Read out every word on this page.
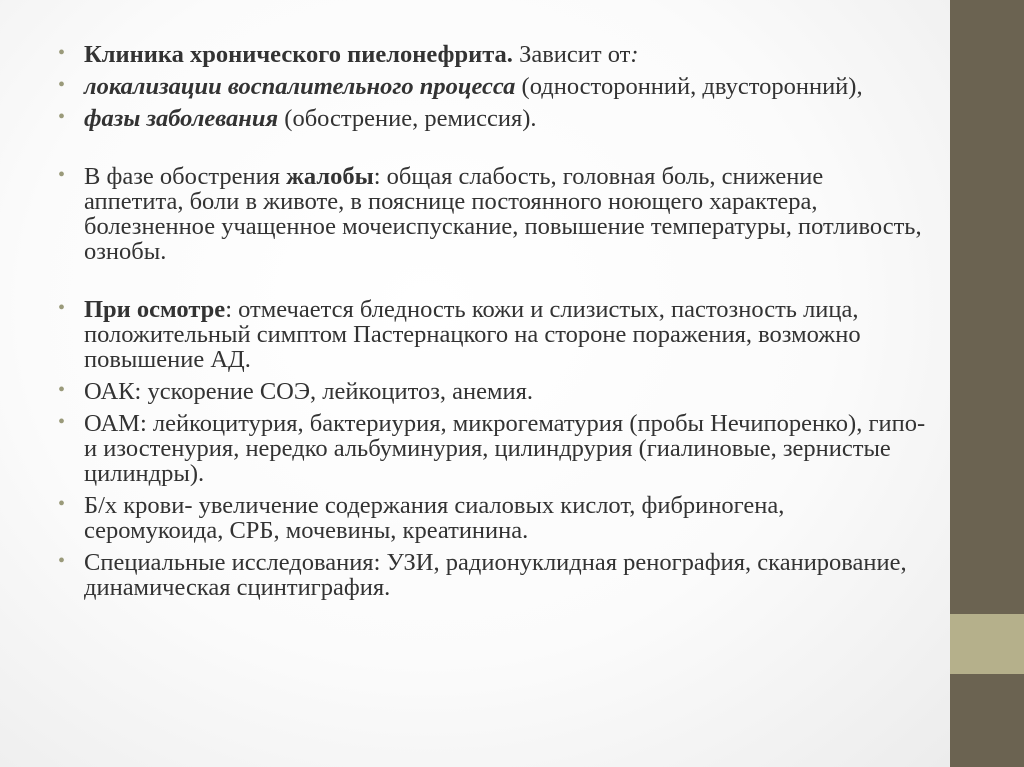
• Клиника хронического пиелонефрита. Зависит от:
• локализации воспалительного процесса (односторонний, двусторонний),
• фазы заболевания (обострение, ремиссия).
• В фазе обострения жалобы: общая слабость, головная боль, снижение аппетита, боли в животе, в пояснице постоянного ноющего характера, болезненное учащенное мочеиспускание, повышение температуры, потливость, ознобы.
• При осмотре: отмечается бледность кожи и слизистых, пастозность лица, положительный симптом Пастернацкого на стороне поражения, возможно повышение АД.
• ОАК: ускорение СОЭ, лейкоцитоз, анемия.
• ОАМ: лейкоцитурия, бактериурия, микрогематурия (пробы Нечипоренко), гипо- и изостенурия, нередко альбуминурия, цилиндрурия (гиалиновые, зернистые цилиндры).
• Б/х крови- увеличение содержания сиаловых кислот, фибриногена, серомукоида, СРБ, мочевины, креатинина.
• Специальные исследования: УЗИ, радионуклидная ренография, сканирование, динамическая сцинтиграфия.
